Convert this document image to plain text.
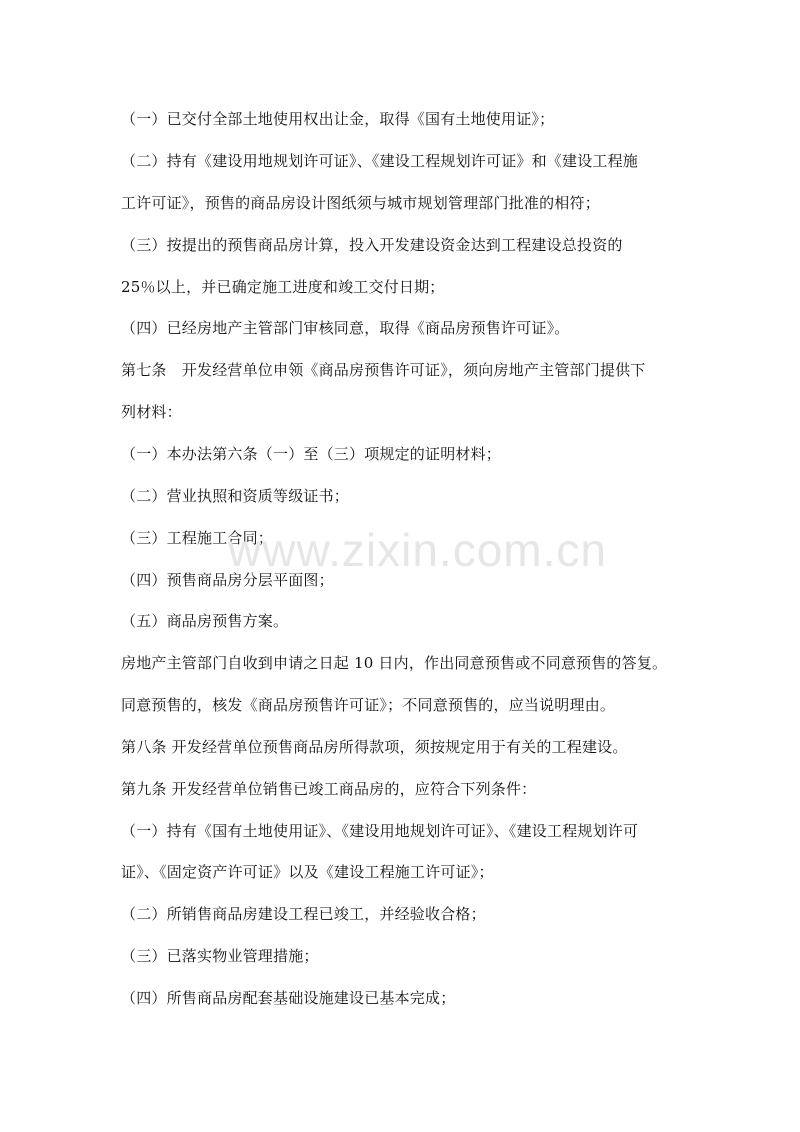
（一）已交付全部土地使用权出让金，取得《国有土地使用证》；
（二）持有《建设用地规划许可证》、《建设工程规划许可证》和《建设工程施
工许可证》，预售的商品房设计图纸须与城市规划管理部门批准的相符；
（三）按提出的预售商品房计算，投入开发建设资金达到工程建设总投资的
25％以上，并已确定施工进度和竣工交付日期；
（四）已经房地产主管部门审核同意，取得《商品房预售许可证》。
第七条　开发经营单位申领《商品房预售许可证》，须向房地产主管部门提供下
列材料：
（一）本办法第六条（一）至（三）项规定的证明材料；
（二）营业执照和资质等级证书；
（三）工程施工合同；
（四）预售商品房分层平面图；
（五）商品房预售方案。
房地产主管部门自收到申请之日起 10 日内，作出同意预售或不同意预售的答复。
同意预售的，核发《商品房预售许可证》；不同意预售的，应当说明理由。
第八条 开发经营单位预售商品房所得款项，须按规定用于有关的工程建设。
第九条 开发经营单位销售已竣工商品房的，应符合下列条件：
（一）持有《国有土地使用证》、《建设用地规划许可证》、《建设工程规划许可
证》、《固定资产许可证》以及《建设工程施工许可证》；
（二）所销售商品房建设工程已竣工，并经验收合格；
（三）已落实物业管理措施；
（四）所售商品房配套基础设施建设已基本完成；
www.zixin.com.cn
